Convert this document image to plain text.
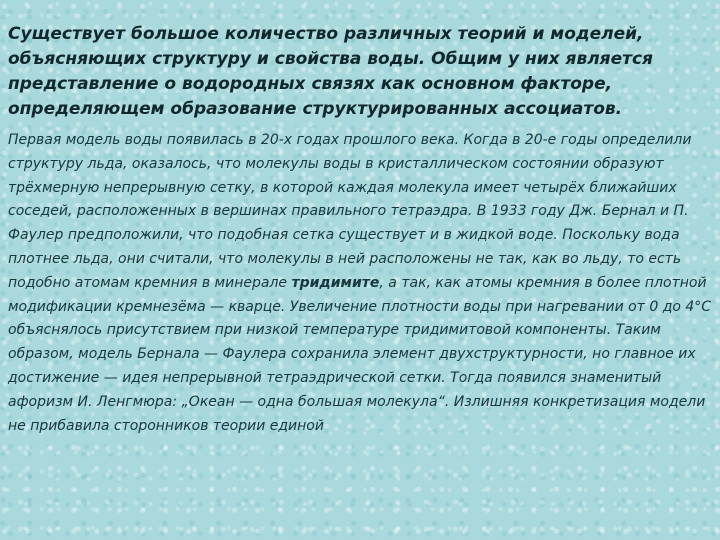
Существует большое количество различных теорий и моделей, объясняющих структуру и свойства воды. Общим у них является представление о водородных связях как основном факторе, определяющем образование структурированных ассоциатов.

Первая модель воды появилась в 20-х годах прошлого века. Когда в 20-е годы определили структуру льда, оказалось, что молекулы воды в кристаллическом состоянии образуют трёхмерную непрерывную сетку, в которой каждая молекула имеет четырёх ближайших соседей, расположенных в вершинах правильного тетраэдра. В 1933 году Дж. Бернал и П. Фаулер предположили, что подобная сетка существует и в жидкой воде. Поскольку вода плотнее льда, они считали, что молекулы в ней расположены не так, как во льду, то есть подобно атомам кремния в минерале тридимите, а так, как атомы кремния в более плотной модификации кремнезёма — кварце. Увеличение плотности воды при нагревании от 0 до 4°С объяснялось присутствием при низкой температуре тридимитовой компоненты. Таким образом, модель Бернала — Фаулера сохранила элемент двухструктурности, но главное их достижение — идея непрерывной тетраэдрической сетки. Тогда появился знаменитый афоризм И. Ленгмюра: „Океан — одна большая молекула“. Излишняя конкретизация модели не прибавила сторонников теории единой
